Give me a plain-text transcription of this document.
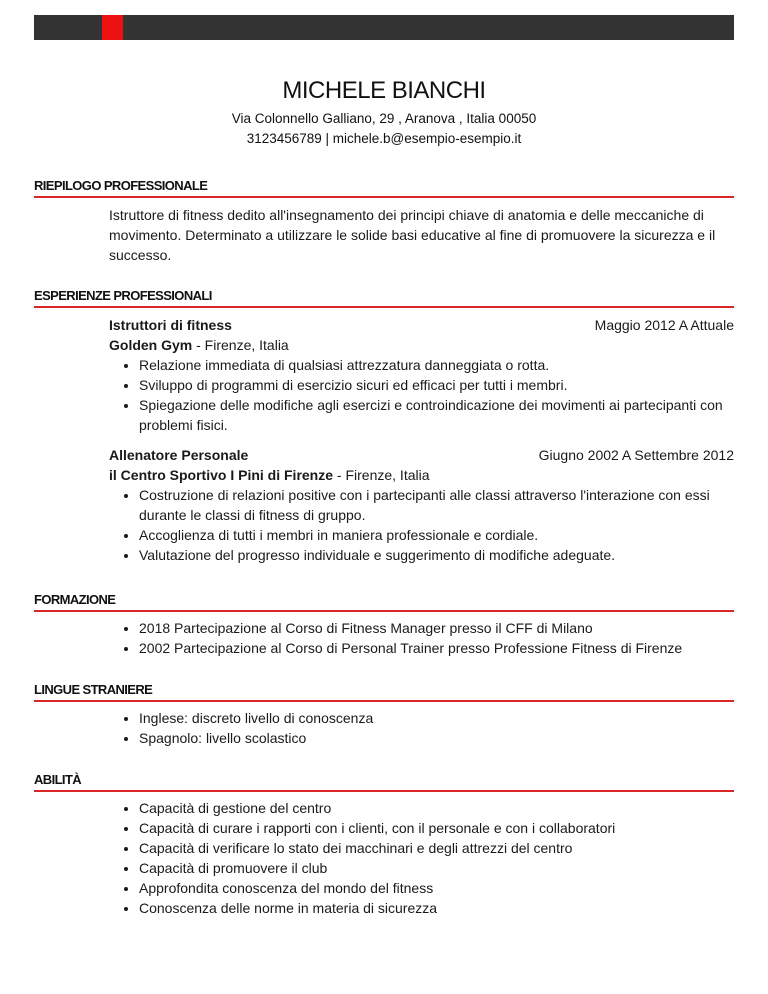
MICHELE BIANCHI

Via Colonnello Galliano, 29 , Aranova , Italia 00050
3123456789 | michele.b@esempio-esempio.it

RIEPILOGO PROFESSIONALE

Istruttore di fitness dedito all'insegnamento dei principi chiave di anatomia e delle meccaniche di movimento. Determinato a utilizzare le solide basi educative al fine di promuovere la sicurezza e il successo.

ESPERIENZE PROFESSIONALI
Istruttori di fitness	Maggio 2012 A Attuale
Golden Gym - Firenze, Italia
• Relazione immediata di qualsiasi attrezzatura danneggiata o rotta.
• Sviluppo di programmi di esercizio sicuri ed efficaci per tutti i membri.
• Spiegazione delle modifiche agli esercizi e controindicazione dei movimenti ai partecipanti con problemi fisici.
Allenatore Personale	Giugno 2002 A Settembre 2012
il Centro Sportivo I Pini di Firenze - Firenze, Italia
• Costruzione di relazioni positive con i partecipanti alle classi attraverso l'interazione con essi durante le classi di fitness di gruppo.
• Accoglienza di tutti i membri in maniera professionale e cordiale.
• Valutazione del progresso individuale e suggerimento di modifiche adeguate.
FORMAZIONE
• 2018 Partecipazione al Corso di Fitness Manager presso il CFF di Milano
• 2002 Partecipazione al Corso di Personal Trainer presso Professione Fitness di Firenze
LINGUE STRANIERE
• Inglese: discreto livello di conoscenza
• Spagnolo: livello scolastico
ABILITÀ
• Capacità di gestione del centro
• Capacità di curare i rapporti con i clienti, con il personale e con i collaboratori
• Capacità di verificare lo stato dei macchinari e degli attrezzi del centro
• Capacità di promuovere il club
• Approfondita conoscenza del mondo del fitness
• Conoscenza delle norme in materia di sicurezza
